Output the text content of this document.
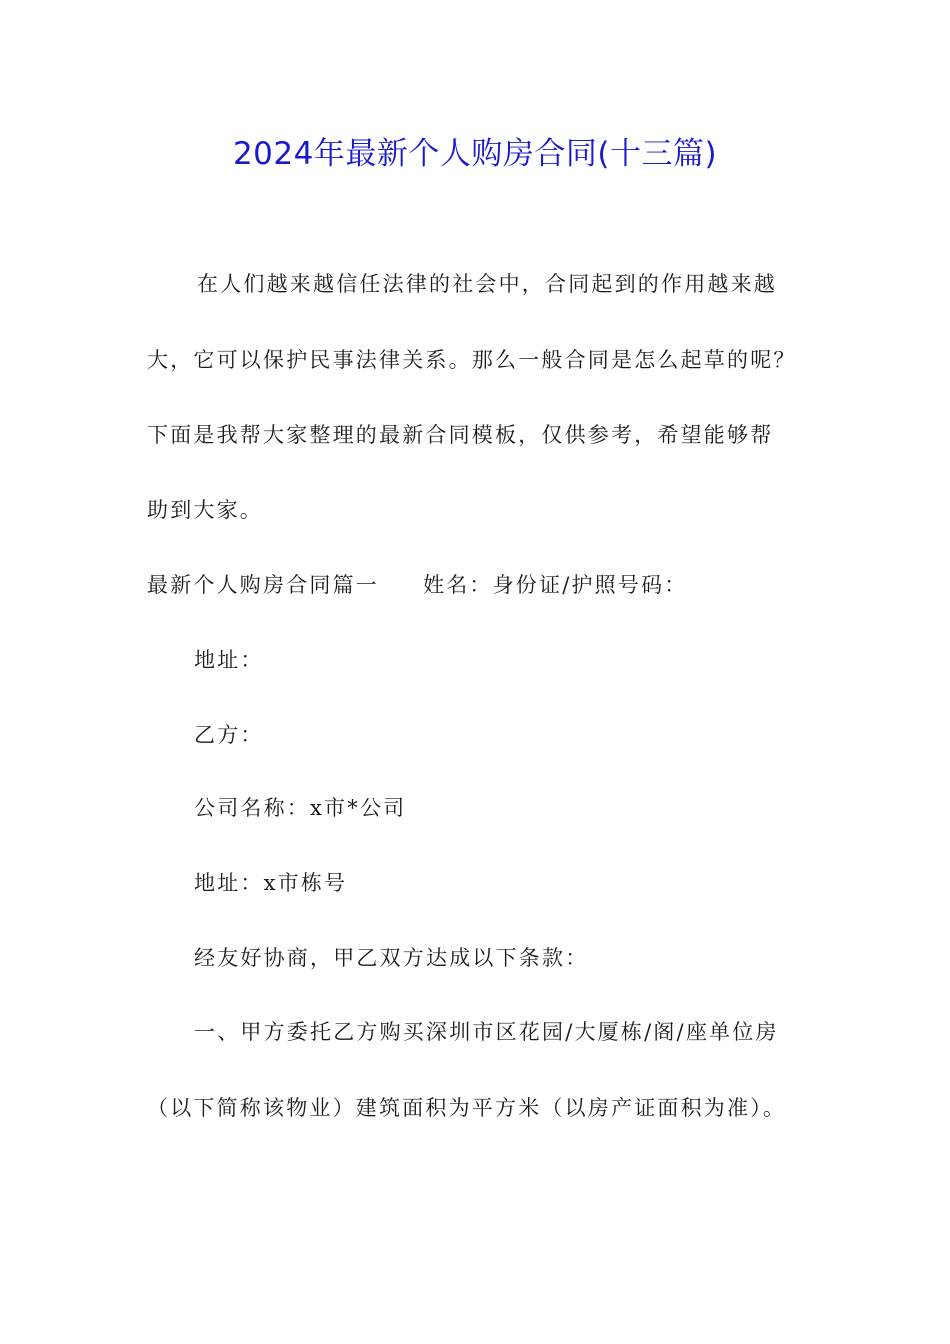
2024年最新个人购房合同(十三篇)
在人们越来越信任法律的社会中，合同起到的作用越来越
大，它可以保护民事法律关系。那么一般合同是怎么起草的呢？
下面是我帮大家整理的最新合同模板，仅供参考，希望能够帮
助到大家。
最新个人购房合同篇一 姓名：身份证/护照号码：
地址：
乙方：
公司名称：x市*公司
地址：x市栋号
经友好协商，甲乙双方达成以下条款：
一、甲方委托乙方购买深圳市区花园/大厦栋/阁/座单位房
（以下简称该物业）建筑面积为平方米（以房产证面积为准）。
